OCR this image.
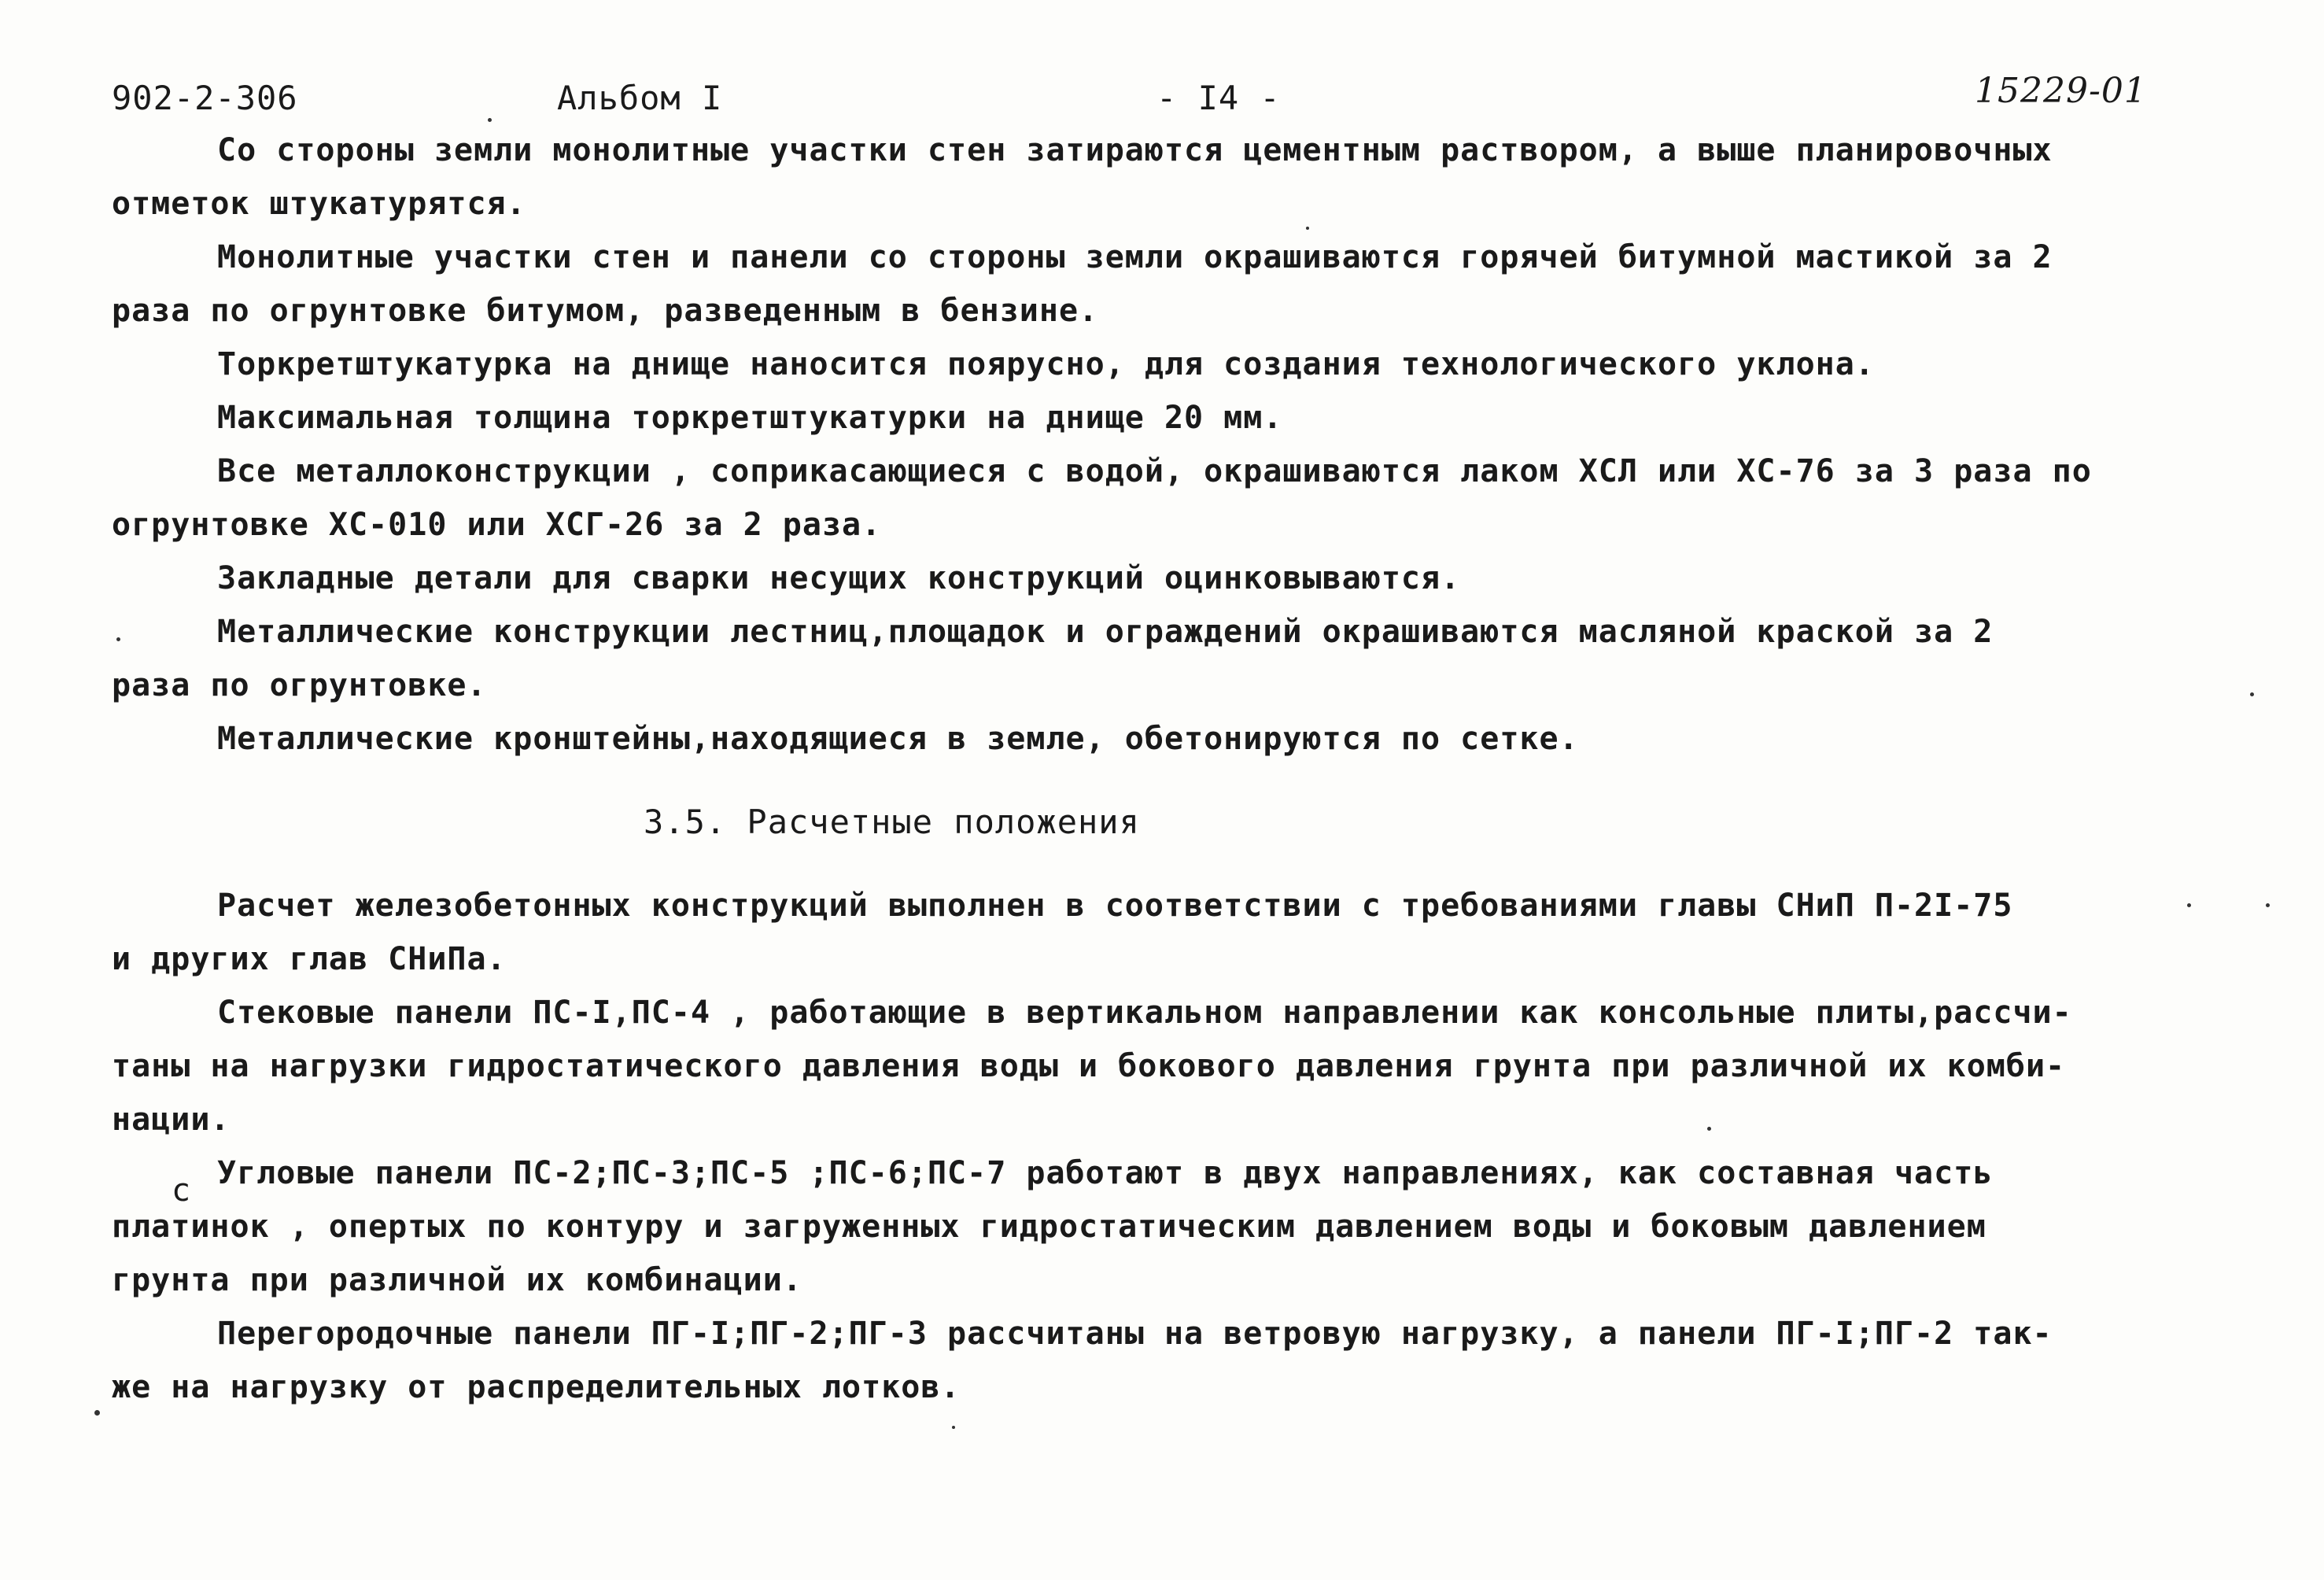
902-2-306	Альбом I	- I4 -	15229-01
Со стороны земли монолитные участки стен затираются цементным раствором, а выше планировочных
отметок штукатурятся.
Монолитные участки стен и панели со стороны земли окрашиваются горячей битумной мастикой за 2
раза по огрунтовке битумом, разведенным в бензине.
Торкретштукатурка на днище наносится поярусно, для создания технологического уклона.
Максимальная толщина торкретштукатурки на днище 20 мм.
Все металлоконструкции , соприкасающиеся с водой, окрашиваются лаком ХСЛ или ХС-76 за 3 раза по
огрунтовке ХС-010 или ХСГ-26 за 2 раза.
Закладные детали для сварки несущих конструкций оцинковываются.
Металлические конструкции лестниц,площадок и ограждений окрашиваются масляной краской за 2
раза по огрунтовке.
Металлические кронштейны,находящиеся в земле, обетонируются по сетке.
3.5. Расчетные положения
Расчет железобетонных конструкций выполнен в соответствии с требованиями главы СНиП П-2I-75
и других глав СНиПа.
Стековые панели ПС-I,ПС-4 , работающие в вертикальном направлении как консольные плиты,рассчи-
таны на нагрузки гидростатического давления воды и бокового давления грунта при различной их комби-
нации.
Угловые панели ПС-2;ПС-3;ПС-5 ;ПС-6;ПС-7 работают в двух направлениях, как составная часть
платинок , опертых по контуру и загруженных гидростатическим давлением воды и боковым давлением
грунта при различной их комбинации.
Перегородочные панели ПГ-I;ПГ-2;ПГ-3 рассчитаны на ветровую нагрузку, а панели ПГ-I;ПГ-2 так-
же на нагрузку от распределительных лотков.
с
